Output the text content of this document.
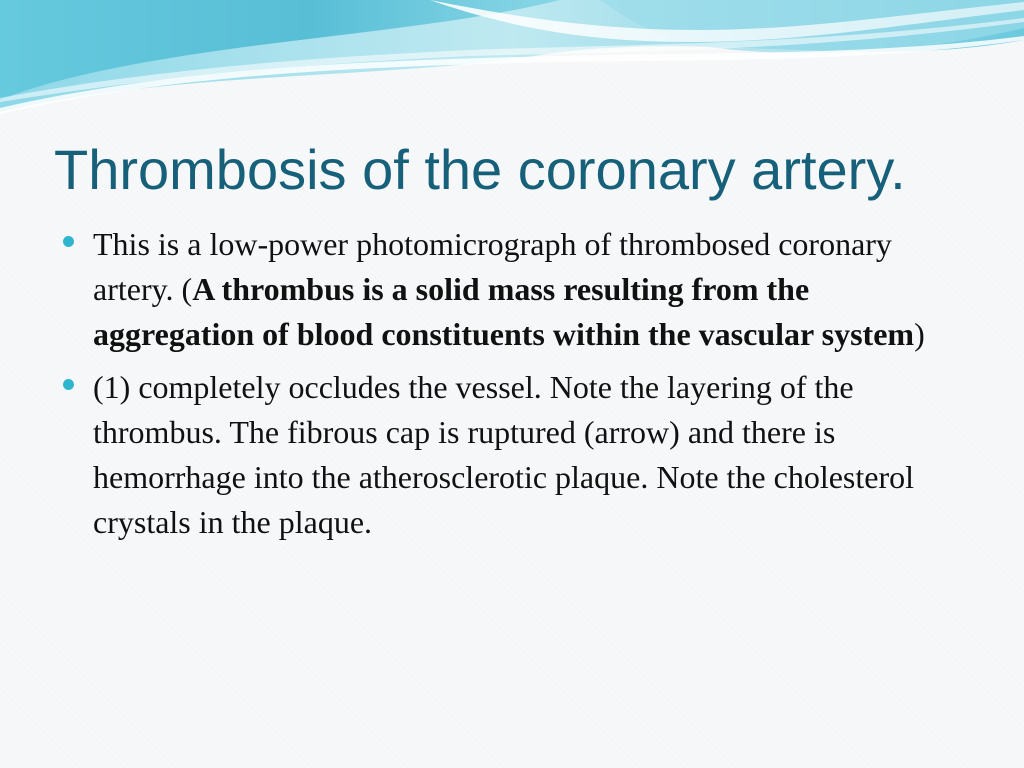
Thrombosis of the coronary artery.
This is a low-power photomicrograph of thrombosed coronary artery. (A thrombus is a solid mass resulting from the aggregation of blood constituents within the vascular system)
(1) completely occludes the vessel. Note the layering of the thrombus. The fibrous cap is ruptured (arrow) and there is hemorrhage into the atherosclerotic plaque. Note the cholesterol crystals in the plaque.
